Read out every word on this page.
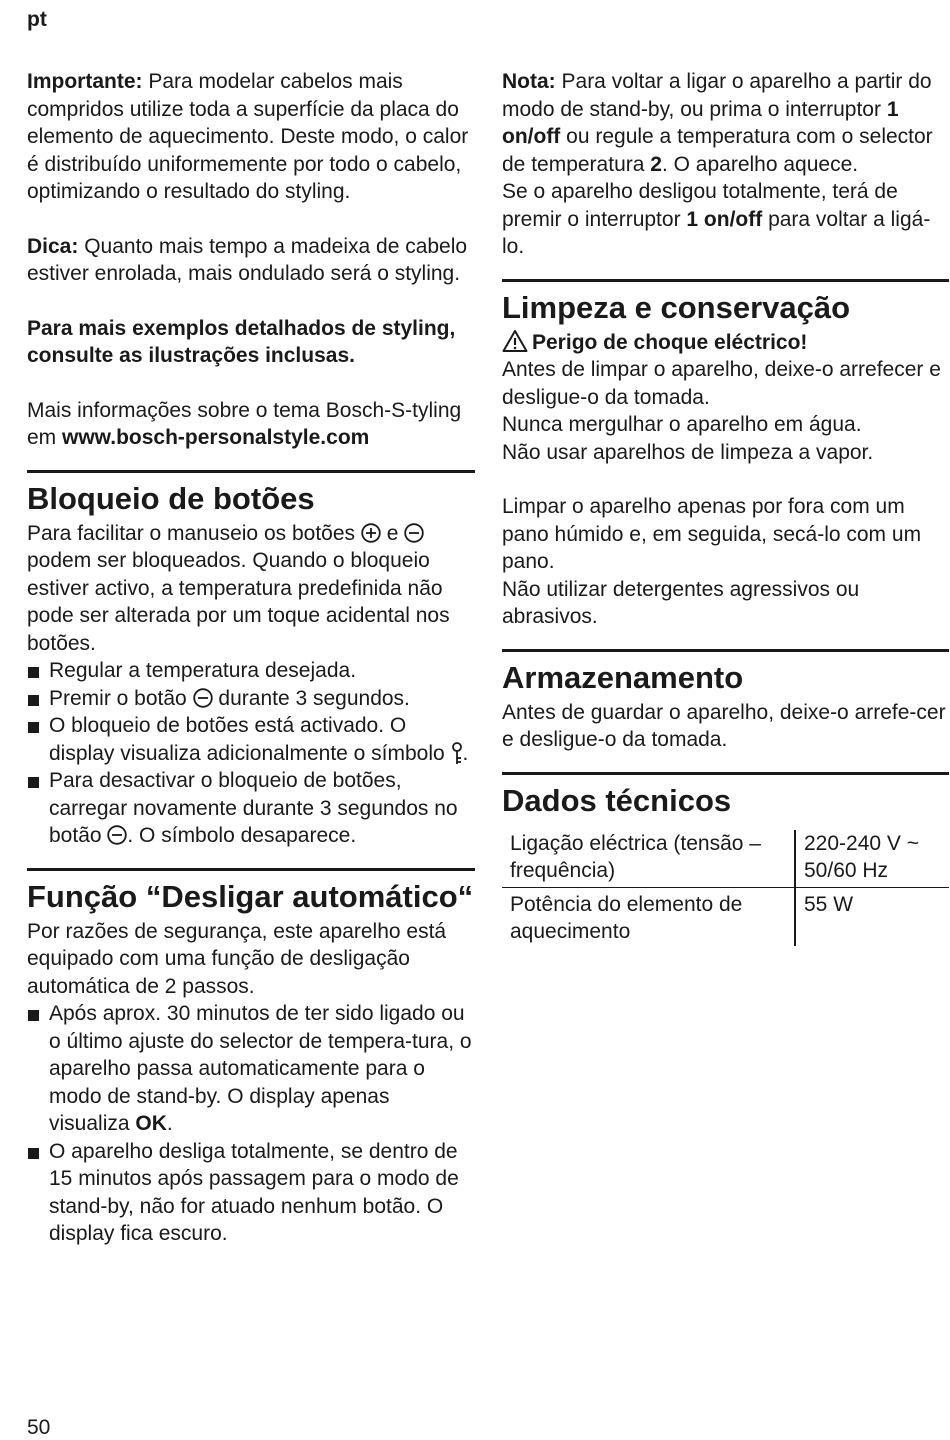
pt

Importante: Para modelar cabelos mais compridos utilize toda a superfície da placa do elemento de aquecimento. Deste modo, o calor é distribuído uniformemente por todo o cabelo, optimizando o resultado do styling.

Dica: Quanto mais tempo a madeixa de cabelo estiver enrolada, mais ondulado será o styling.

Para mais exemplos detalhados de styling, consulte as ilustrações inclusas.

Mais informações sobre o tema Bosch-S-tyling em www.bosch-personalstyle.com

Bloqueio de botões

Para facilitar o manuseio os botões  e  podem ser bloqueados. Quando o bloqueio estiver activo, a temperatura predefinida não pode ser alterada por um toque acidental nos botões.

Regular a temperatura desejada.
Premir o botão  durante 3 segundos.
O bloqueio de botões está activado. O display visualiza adicionalmente o símbolo .
Para desactivar o bloqueio de botões, carregar novamente durante 3 segundos no botão . O símbolo desaparece.
Função “Desligar automático“

Por razões de segurança, este aparelho está equipado com uma função de desligação automática de 2 passos.

Após aprox. 30 minutos de ter sido ligado ou o último ajuste do selector de tempera-tura, o aparelho passa automaticamente para o modo de stand-by. O display apenas visualiza OK.
O aparelho desliga totalmente, se dentro de 15 minutos após passagem para o modo de stand-by, não for atuado nenhum botão. O display fica escuro.

Nota: Para voltar a ligar o aparelho a partir do modo de stand-by, ou prima o interruptor 1 on/off ou regule a temperatura com o selector de temperatura 2. O aparelho aquece.

Se o aparelho desligou totalmente, terá de premir o interruptor 1 on/off para voltar a ligá-lo.

Limpeza e conservação

Perigo de choque eléctrico!

Antes de limpar o aparelho, deixe-o arrefecer e desligue-o da tomada.

Nunca mergulhar o aparelho em água.

Não usar aparelhos de limpeza a vapor.

Limpar o aparelho apenas por fora com um pano húmido e, em seguida, secá-lo com um pano.

Não utilizar detergentes agressivos ou abrasivos.

Armazenamento

Antes de guardar o aparelho, deixe-o arrefe-cer e desligue-o da tomada.

Dados técnicos
Ligação eléctrica (tensão – frequência)	220-240 V ~ 50/60 Hz
Potência do elemento de aquecimento	55 W
50
